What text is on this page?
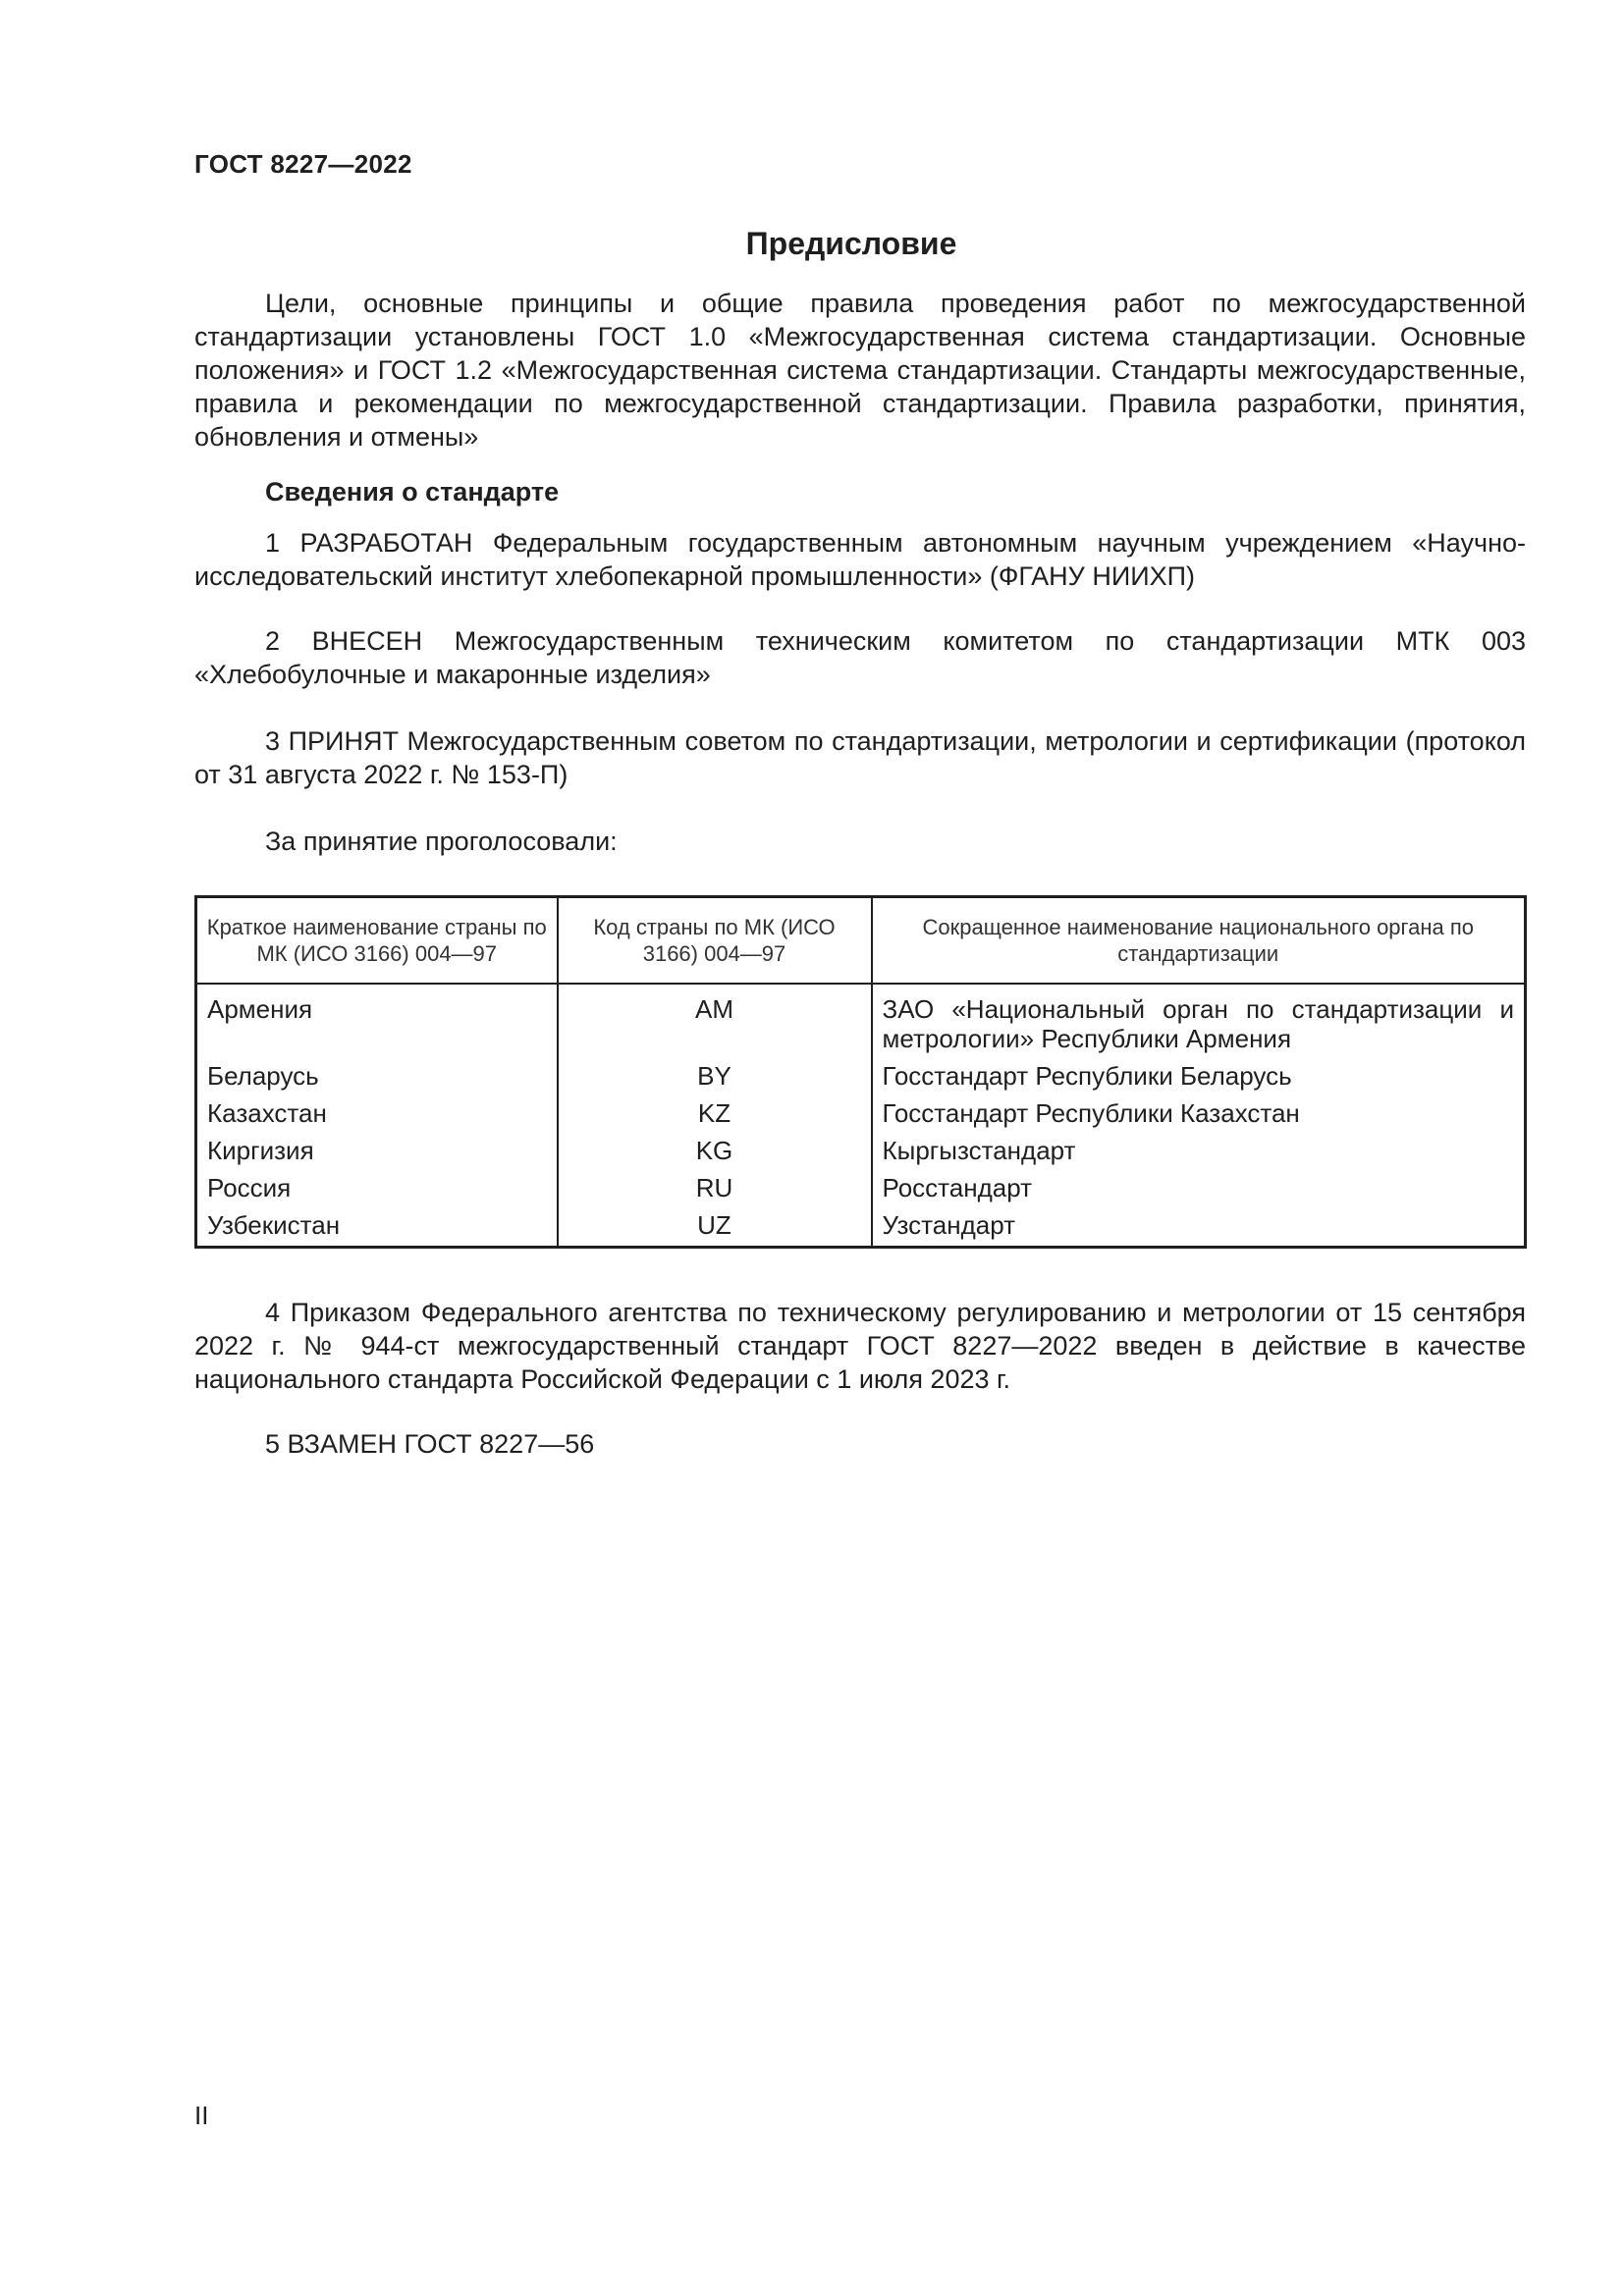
ГОСТ 8227—2022
Предисловие

Цели, основные принципы и общие правила проведения работ по межгосударственной стандартизации установлены ГОСТ 1.0 «Межгосударственная система стандартизации. Основные положения» и ГОСТ 1.2 «Межгосударственная система стандартизации. Стандарты межгосударственные, правила и рекомендации по межгосударственной стандартизации. Правила разработки, принятия, обновления и отмены»

Сведения о стандарте

1 РАЗРАБОТАН Федеральным государственным автономным научным учреждением «Научно-исследовательский институт хлебопекарной промышленности» (ФГАНУ НИИХП)

2 ВНЕСЕН Межгосударственным техническим комитетом по стандартизации МТК 003 «Хлебобулочные и макаронные изделия»

3 ПРИНЯТ Межгосударственным советом по стандартизации, метрологии и сертификации (протокол от 31 августа 2022 г. № 153-П)

За принятие проголосовали:

Краткое наименование страны по МК (ИСО 3166) 004—97	Код страны по МК (ИСО 3166) 004—97	Сокращенное наименование национального органа по стандартизации
Армения	AM	ЗАО «Национальный орган по стандартизации и метрологии» Республики Армения
Беларусь	BY	Госстандарт Республики Беларусь
Казахстан	KZ	Госстандарт Республики Казахстан
Киргизия	KG	Кыргызстандарт
Россия	RU	Росстандарт
Узбекистан	UZ	Узстандарт

4 Приказом Федерального агентства по техническому регулированию и метрологии от 15 сентября 2022 г. № 944-ст межгосударственный стандарт ГОСТ 8227—2022 введен в действие в качестве национального стандарта Российской Федерации с 1 июля 2023 г.

5 ВЗАМЕН ГОСТ 8227—56

II
